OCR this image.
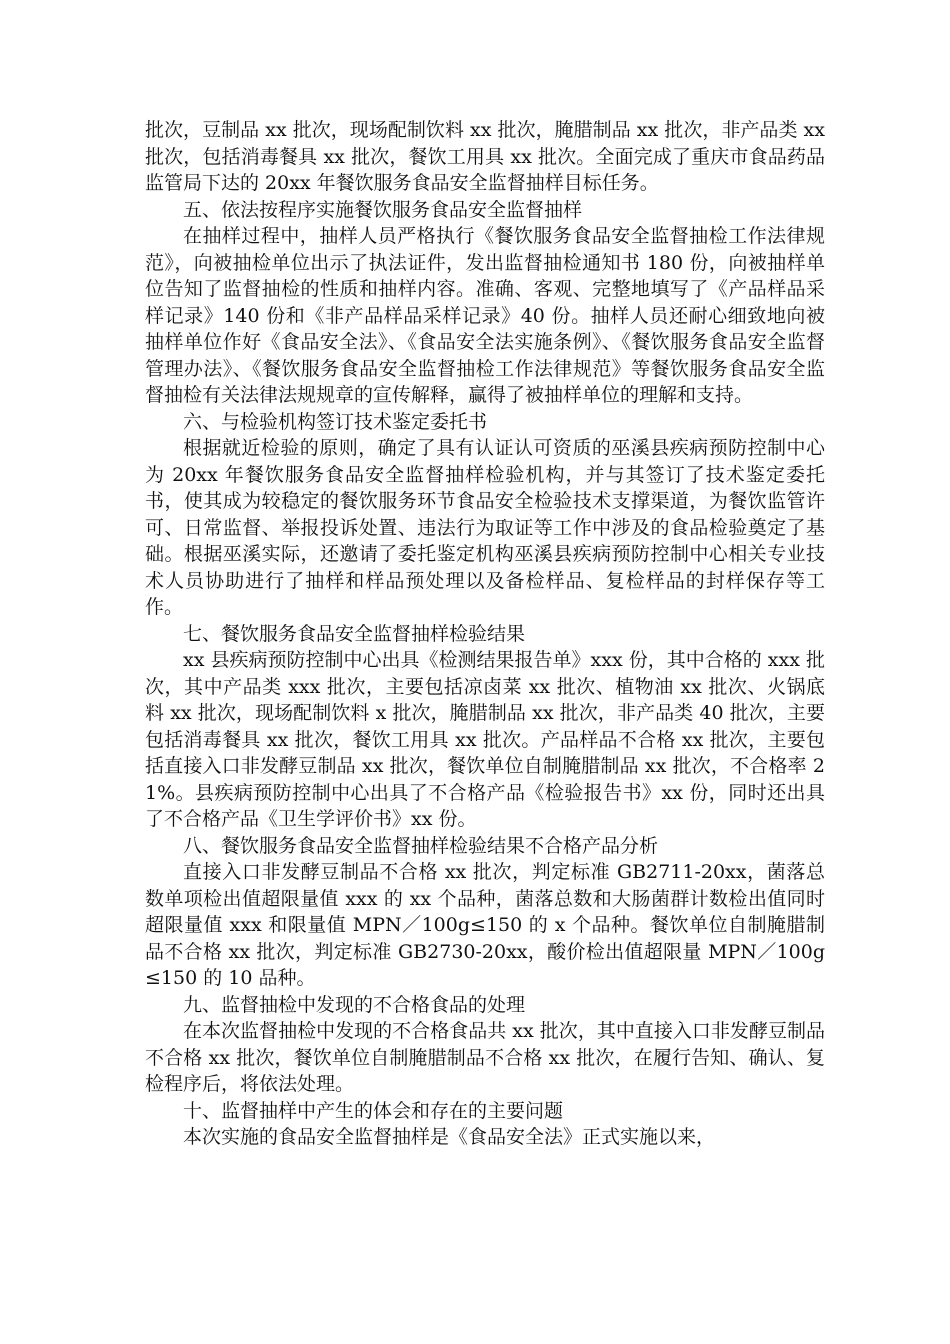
批次，豆制品 xx 批次，现场配制饮料 xx 批次，腌腊制品 xx 批次，非产品类 xx 批次，包括消毒餐具 xx 批次，餐饮工用具 xx 批次。全面完成了重庆市食品药品监管局下达的 20xx 年餐饮服务食品安全监督抽样目标任务。

五、依法按程序实施餐饮服务食品安全监督抽样

在抽样过程中，抽样人员严格执行《餐饮服务食品安全监督抽检工作法律规范》，向被抽检单位出示了执法证件，发出监督抽检通知书 180 份，向被抽样单位告知了监督抽检的性质和抽样内容。准确、客观、完整地填写了《产品样品采样记录》140 份和《非产品样品采样记录》40 份。抽样人员还耐心细致地向被抽样单位作好《食品安全法》、《食品安全法实施条例》、《餐饮服务食品安全监督管理办法》、《餐饮服务食品安全监督抽检工作法律规范》等餐饮服务食品安全监督抽检有关法律法规规章的宣传解释，赢得了被抽样单位的理解和支持。

六、与检验机构签订技术鉴定委托书

根据就近检验的原则，确定了具有认证认可资质的巫溪县疾病预防控制中心为 20xx 年餐饮服务食品安全监督抽样检验机构，并与其签订了技术鉴定委托书，使其成为较稳定的餐饮服务环节食品安全检验技术支撑渠道，为餐饮监管许可、日常监督、举报投诉处置、违法行为取证等工作中涉及的食品检验奠定了基础。根据巫溪实际，还邀请了委托鉴定机构巫溪县疾病预防控制中心相关专业技术人员协助进行了抽样和样品预处理以及备检样品、复检样品的封样保存等工作。

七、餐饮服务食品安全监督抽样检验结果

xx 县疾病预防控制中心出具《检测结果报告单》xxx 份，其中合格的 xxx 批次，其中产品类 xxx 批次，主要包括凉卤菜 xx 批次、植物油 xx 批次、火锅底料 xx 批次，现场配制饮料 x 批次，腌腊制品 xx 批次，非产品类 40 批次，主要包括消毒餐具 xx 批次，餐饮工用具 xx 批次。产品样品不合格 xx 批次，主要包括直接入口非发酵豆制品 xx 批次，餐饮单位自制腌腊制品 xx 批次，不合格率 21%。县疾病预防控制中心出具了不合格产品《检验报告书》xx 份，同时还出具了不合格产品《卫生学评价书》xx 份。

八、餐饮服务食品安全监督抽样检验结果不合格产品分析

直接入口非发酵豆制品不合格 xx 批次，判定标准 GB2711-20xx，菌落总数单项检出值超限量值 xxx 的 xx 个品种，菌落总数和大肠菌群计数检出值同时超限量值 xxx 和限量值 MPN／100g≤150 的 x 个品种。餐饮单位自制腌腊制品不合格 xx 批次，判定标准 GB2730-20xx，酸价检出值超限量 MPN／100g≤150 的 10 品种。

九、监督抽检中发现的不合格食品的处理

在本次监督抽检中发现的不合格食品共 xx 批次，其中直接入口非发酵豆制品不合格 xx 批次，餐饮单位自制腌腊制品不合格 xx 批次，在履行告知、确认、复检程序后，将依法处理。

十、监督抽样中产生的体会和存在的主要问题

本次实施的食品安全监督抽样是《食品安全法》正式实施以来，
